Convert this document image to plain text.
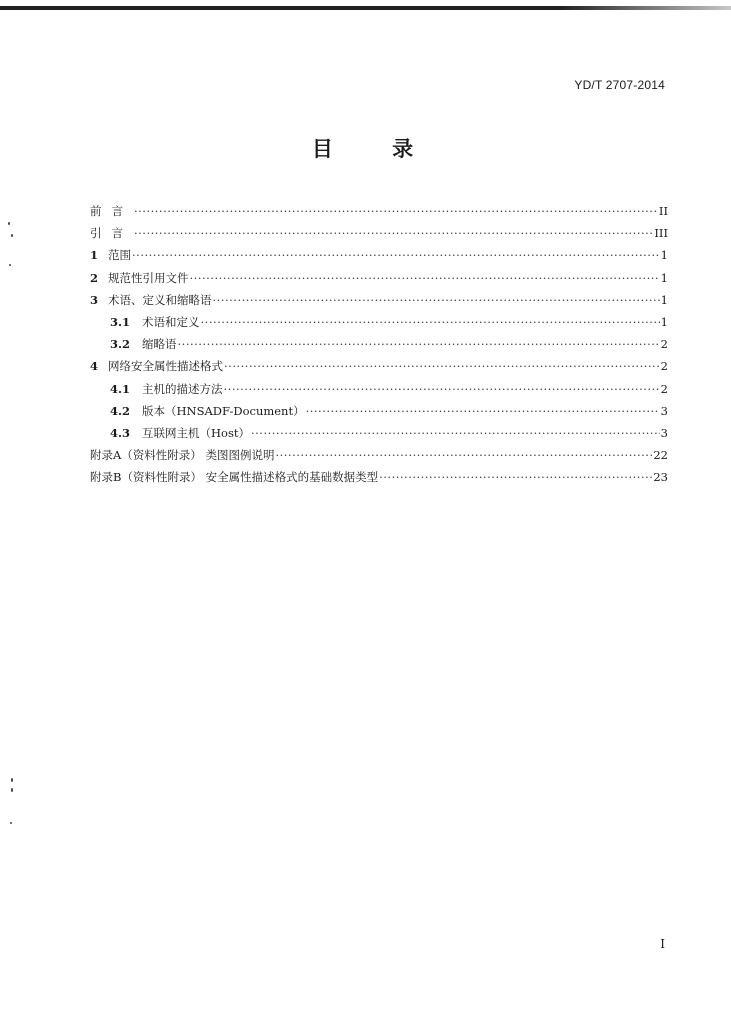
YD/T 2707-2014
目 录
前言 ·····	II
引言 ·····	III
1 范围 ·····	1
2 规范性引用文件 ·····	1
3 术语、定义和缩略语 ·····	1
3.1 术语和定义 ·····	1
3.2 缩略语 ·····	2
4 网络安全属性描述格式 ·····	2
4.1 主机的描述方法 ·····	2
4.2 版本（HNSADF-Document） ·····	3
4.3 互联网主机（Host） ·····	3
附录A（资料性附录） 类图图例说明 ·····	22
附录B（资料性附录） 安全属性描述格式的基础数据类型 ·····	23
I
